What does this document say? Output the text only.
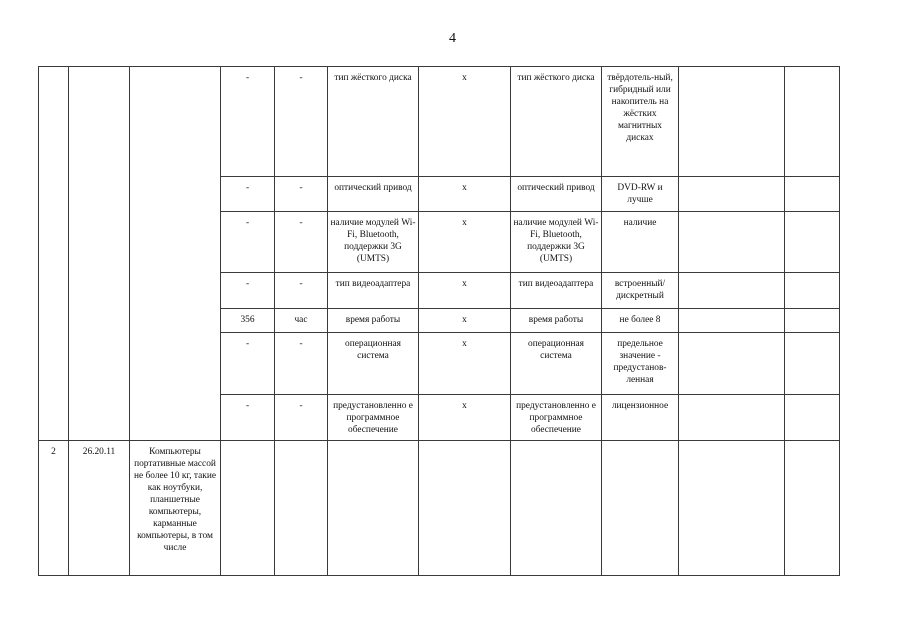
4
			-	-	тип жёсткого диска	x	тип жёсткого диска	твёрдотель-ный, гибридный или накопитель на жёстких магнитных дисках		
			-	-	оптический привод	x	оптический привод	DVD-RW и лучше		
			-	-	наличие модулей Wi-Fi, Bluetooth, поддержки 3G (UMTS)	x	наличие модулей Wi-Fi, Bluetooth, поддержки 3G (UMTS)	наличие		
			-	-	тип видеоадаптера	x	тип видеоадаптера	встроенный/ дискретный		
			356	час	время работы	x	время работы	не более 8		
			-	-	операционная система	x	операционная система	предельное значение - предустанов-ленная		
			-	-	предустановленно е программное обеспечение	x	предустановленно е программное обеспечение	лицензионное		
2	26.20.11	Компьютеры портативные массой не более 10 кг, такие как ноутбуки, планшетные компьютеры, карманные компьютеры, в том числе								
